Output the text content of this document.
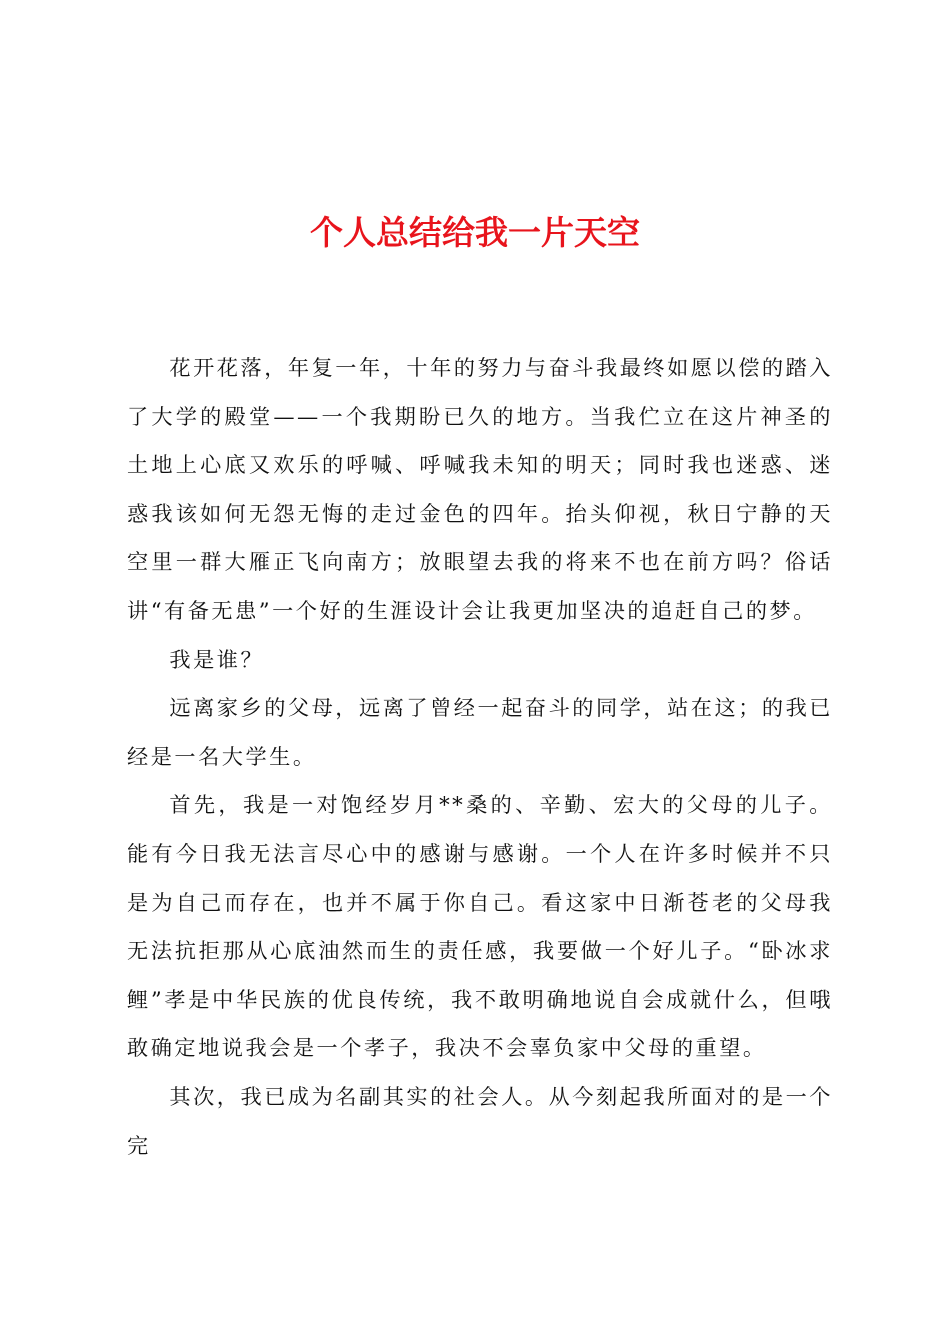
个人总结给我一片天空

花开花落，年复一年，十年的努力与奋斗我最终如愿以偿的踏入了大学的殿堂——一个我期盼已久的地方。当我伫立在这片神圣的土地上心底又欢乐的呼喊、呼喊我未知的明天；同时我也迷惑、迷惑我该如何无怨无悔的走过金色的四年。抬头仰视，秋日宁静的天空里一群大雁正飞向南方；放眼望去我的将来不也在前方吗？俗话讲“有备无患”一个好的生涯设计会让我更加坚决的追赶自己的梦。

我是谁？

远离家乡的父母，远离了曾经一起奋斗的同学，站在这；的我已经是一名大学生。

首先，我是一对饱经岁月**桑的、辛勤、宏大的父母的儿子。能有今日我无法言尽心中的感谢与感谢。一个人在许多时候并不只是为自己而存在，也并不属于你自己。看这家中日渐苍老的父母我无法抗拒那从心底油然而生的责任感，我要做一个好儿子。“卧冰求鲤”孝是中华民族的优良传统，我不敢明确地说自会成就什么，但哦敢确定地说我会是一个孝子，我决不会辜负家中父母的重望。

其次，我已成为名副其实的社会人。从今刻起我所面对的是一个完
